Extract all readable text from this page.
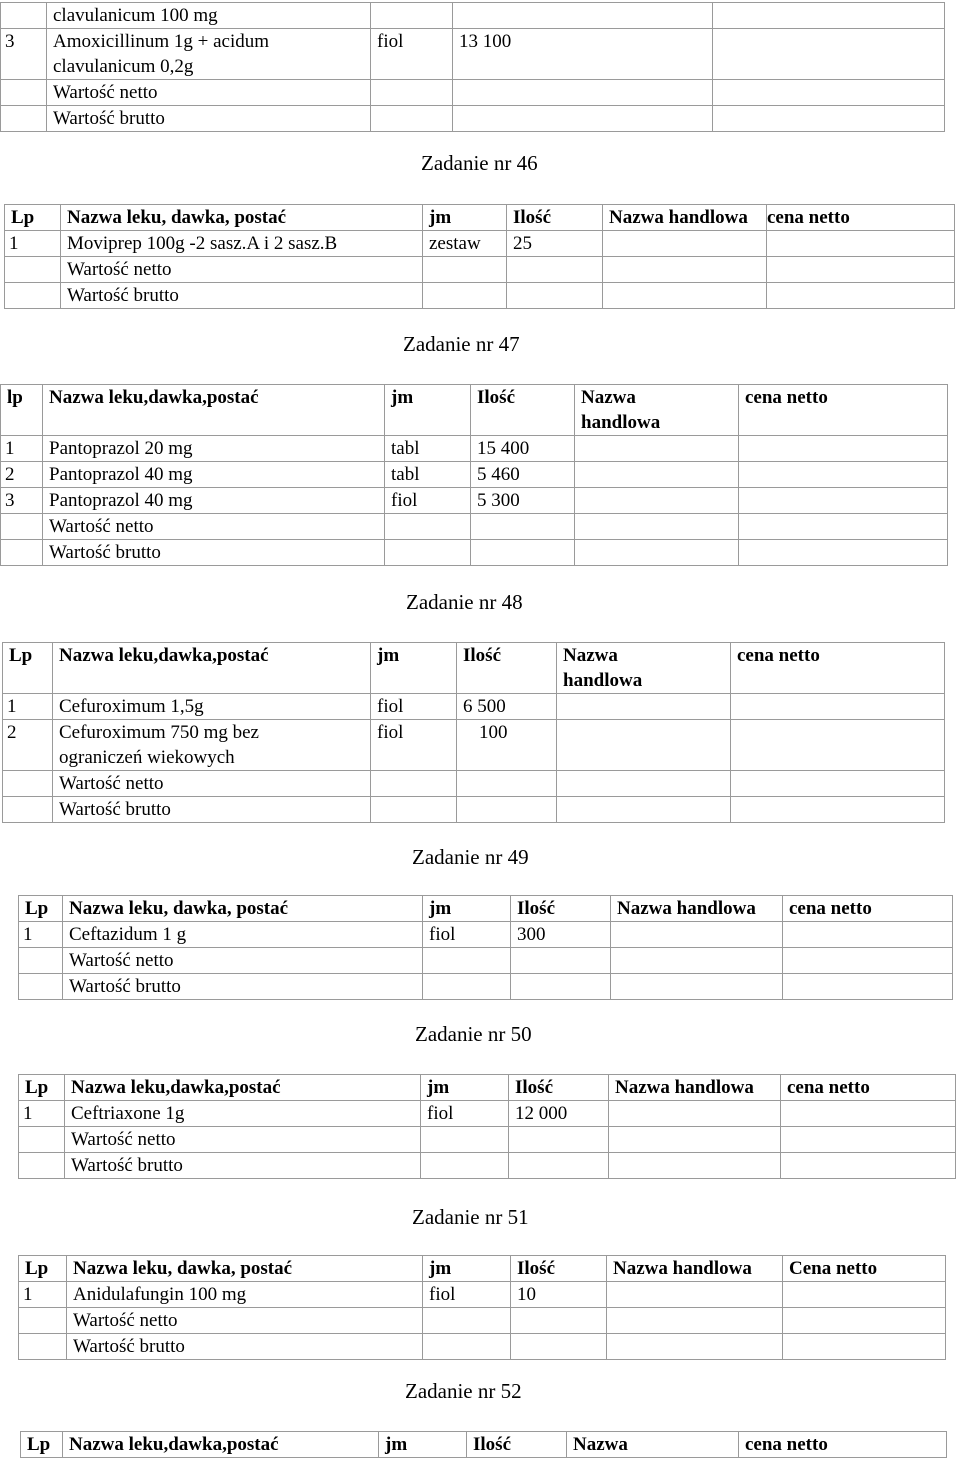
	clavulanicum 100 mg			
3	Amoxicillinum 1g + acidum clavulanicum 0,2g	fiol	13 100	
	Wartość netto			
	Wartość brutto			
Zadanie nr 46
Lp	Nazwa leku, dawka, postać	jm	Ilość	Nazwa handlowa	cena netto
1	Moviprep 100g -2 sasz.A i 2 sasz.B	zestaw	25		
	Wartość netto				
	Wartość brutto				
Zadanie nr 47
lp	Nazwa leku,dawka,postać	jm	Ilość	Nazwa handlowa	cena netto
1	Pantoprazol 20 mg	tabl	15 400		
2	Pantoprazol 40 mg	tabl	5 460		
3	Pantoprazol 40 mg	fiol	5 300		
	Wartość netto				
	Wartość brutto				
Zadanie nr 48
Lp	Nazwa leku,dawka,postać	jm	Ilość	Nazwa handlowa	cena netto
1	Cefuroximum 1,5g	fiol	6 500		
2	Cefuroximum 750 mg bez ograniczeń wiekowych	fiol	100		
	Wartość netto				
	Wartość brutto				
Zadanie nr 49
Lp	Nazwa leku, dawka, postać	jm	Ilość	Nazwa handlowa	cena netto
1	Ceftazidum 1 g	fiol	300		
	Wartość netto				
	Wartość brutto				
Zadanie nr 50
Lp	Nazwa leku,dawka,postać	jm	Ilość	Nazwa handlowa	cena netto
1	Ceftriaxone 1g	fiol	12 000		
	Wartość netto				
	Wartość brutto				
Zadanie nr 51
Lp	Nazwa leku, dawka, postać	jm	Ilość	Nazwa handlowa	Cena netto
1	Anidulafungin 100 mg	fiol	10		
	Wartość netto				
	Wartość brutto				
Zadanie nr 52
Lp	Nazwa leku,dawka,postać	jm	Ilość	Nazwa	cena netto
